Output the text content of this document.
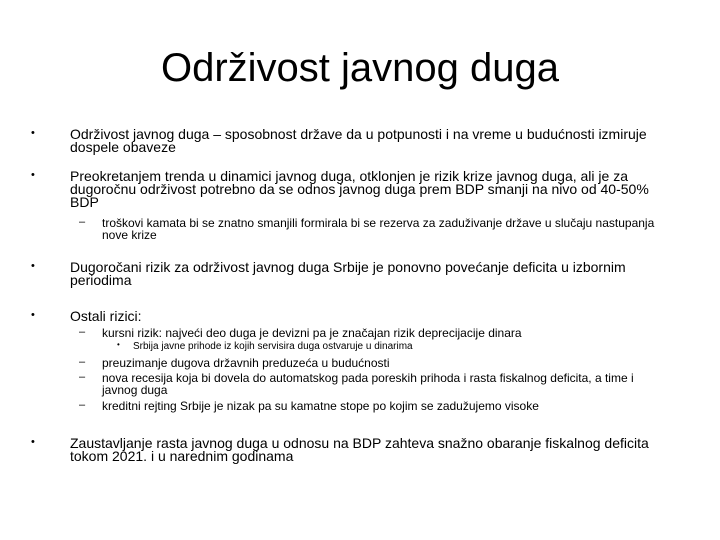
Održivost javnog duga
•	Održivost javnog duga – sposobnost države da u potpunosti i na vreme u budućnosti izmiruje dospele obaveze
•	Preokretanjem trenda u dinamici javnog duga, otklonjen je rizik krize javnog duga, ali je za dugoročnu održivost potrebno da se odnos javnog duga prem BDP smanji na nivo od 40-50% BDP
– troškovi kamata bi se znatno smanjili formirala bi se rezerva za zaduživanje države u slučaju nastupanja nove krize
•	Dugoročani rizik za održivost javnog duga Srbije je ponovno povećanje deficita u izbornim periodima
•	Ostali rizici:
– kursni rizik: najveći deo duga je devizni pa je značajan rizik deprecijacije dinara
• Srbija javne prihode iz kojih servisira duga ostvaruje u dinarima
– preuzimanje dugova državnih preduzeća u budućnosti
– nova recesija koja bi dovela do automatskog pada poreskih prihoda i rasta fiskalnog deficita, a time i javnog duga
– kreditni rejting Srbije je nizak pa su kamatne stope po kojim se zadužujemo visoke
•	Zaustavljanje rasta javnog duga u odnosu na BDP zahteva snažno obaranje fiskalnog deficita tokom 2021. i u narednim godinama
